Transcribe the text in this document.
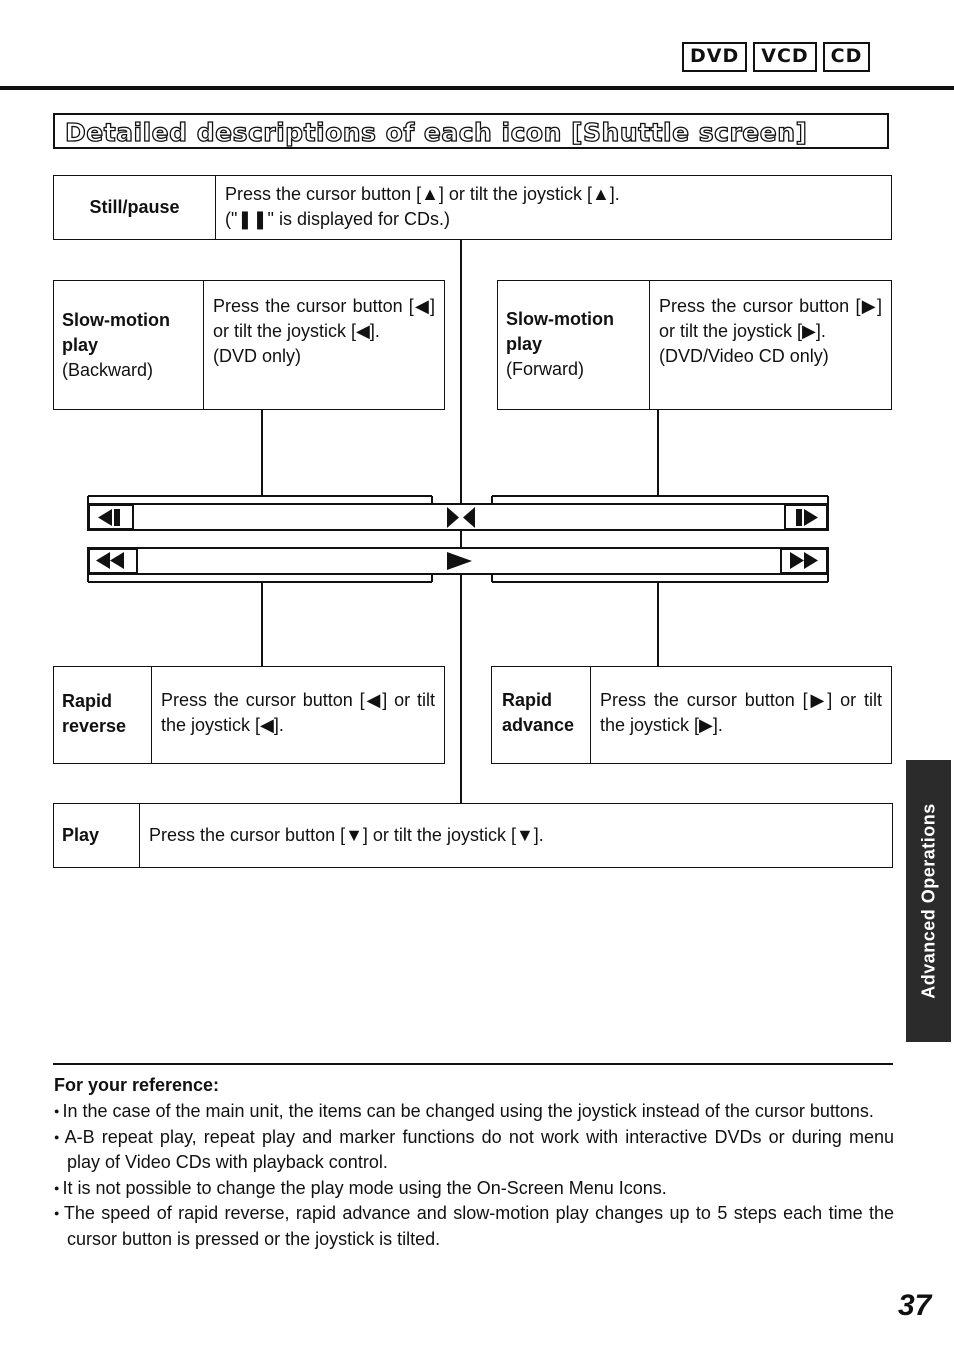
DVD	VCD	CD
Detailed descriptions of each icon [Shuttle screen]
Still/pause
Press the cursor button [▲] or tilt the joystick [▲].
("❚❚" is displayed for CDs.)
Slow-motion play
(Backward)
Press the cursor button [◀] or tilt the joystick [◀].
(DVD only)
Slow-motion play
(Forward)
Press the cursor button [▶] or tilt the joystick [▶].
(DVD/Video CD only)
Rapid reverse
Press the cursor button [◀] or tilt the joystick [◀].
Rapid advance
Press the cursor button [▶] or tilt the joystick [▶].
Play	Press the cursor button [▼] or tilt the joystick [▼].	Advanced Operations
For your reference:
● In the case of the main unit, the items can be changed using the joystick instead of the cursor buttons.
● A-B repeat play, repeat play and marker functions do not work with interactive DVDs or during menu play of Video CDs with playback control.
● It is not possible to change the play mode using the On-Screen Menu Icons.
● The speed of rapid reverse, rapid advance and slow-motion play changes up to 5 steps each time the cursor button is pressed or the joystick is tilted.
37
